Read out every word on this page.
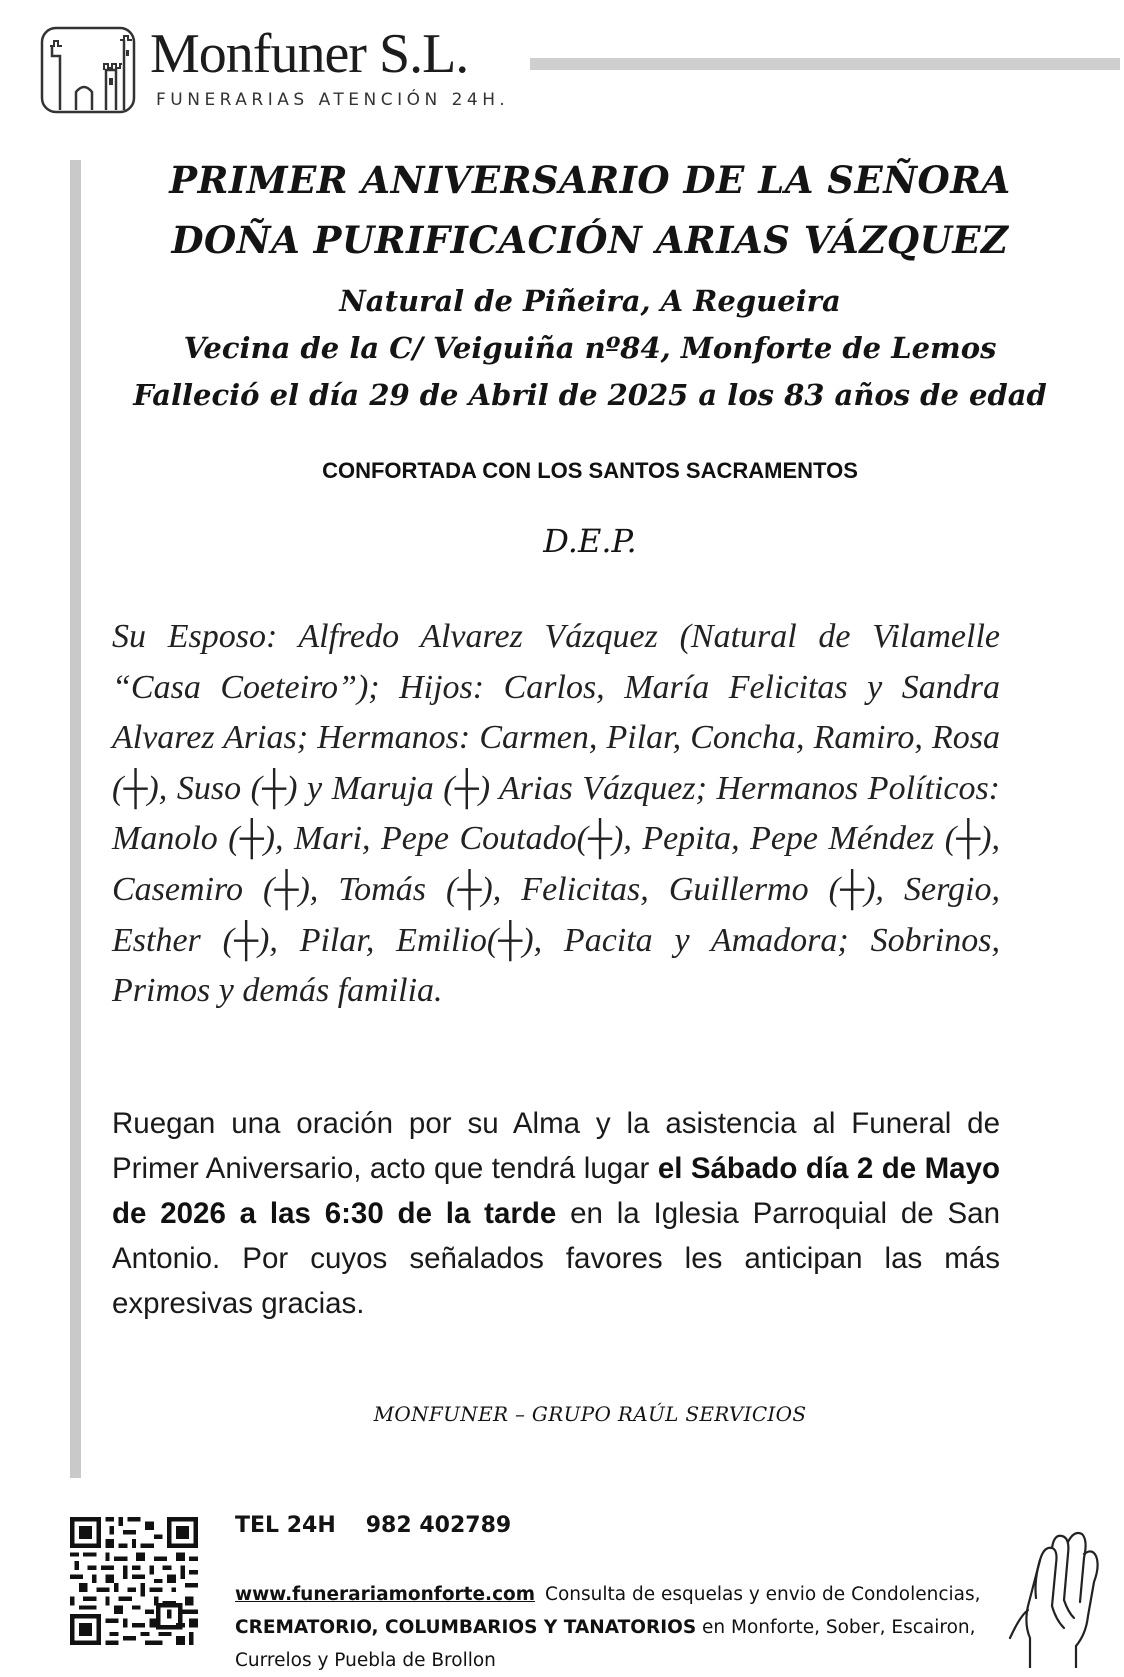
Monfuner S.L.
FUNERARIAS ATENCIÓN 24H.
PRIMER ANIVERSARIO DE LA SEÑORA
DOÑA PURIFICACIÓN ARIAS VÁZQUEZ
Natural de Piñeira, A Regueira
Vecina de la C/ Veiguiña nº84, Monforte de Lemos
Falleció el día 29 de Abril de 2025 a los 83 años de edad
CONFORTADA CON LOS SANTOS SACRAMENTOS
D.E.P.
Su Esposo: Alfredo Alvarez Vázquez (Natural de Vilamelle “Casa Coeteiro”); Hijos: Carlos, María Felicitas y Sandra Alvarez Arias; Hermanos: Carmen, Pilar, Concha, Ramiro, Rosa (┼), Suso (┼) y Maruja (┼) Arias Vázquez; Hermanos Políticos: Manolo (┼), Mari, Pepe Coutado(┼), Pepita, Pepe Méndez (┼), Casemiro (┼), Tomás (┼), Felicitas, Guillermo (┼), Sergio, Esther (┼), Pilar, Emilio(┼), Pacita y Amadora; Sobrinos, Primos y demás familia.
Ruegan una oración por su Alma y la asistencia al Funeral de Primer Aniversario, acto que tendrá lugar el Sábado día 2 de Mayo de 2026 a las 6:30 de la tarde en la Iglesia Parroquial de San Antonio. Por cuyos señalados favores les anticipan las más expresivas gracias.
MONFUNER – GRUPO RAÚL SERVICIOS
TEL 24H 982 402789
www.funerariamonforte.com Consulta de esquelas y envio de Condolencias, CREMATORIO, COLUMBARIOS Y TANATORIOS en Monforte, Sober, Escairon, Currelos y Puebla de Brollon
